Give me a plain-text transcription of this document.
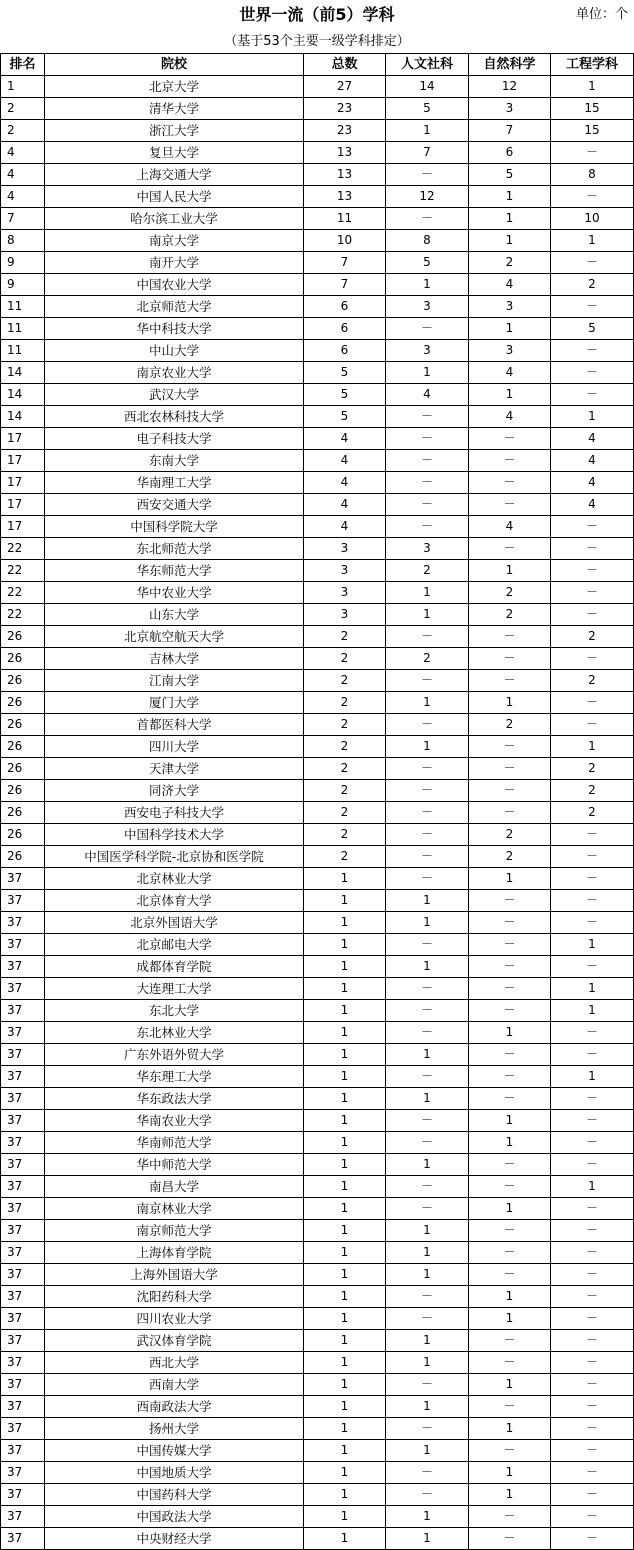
世界一流（前5）学科	单位：个
（基于53个主要一级学科排定）
排名	院校	总数	人文社科	自然科学	工程学科
1	北京大学	27	14	12	1
2	清华大学	23	5	3	15
2	浙江大学	23	1	7	15
4	复旦大学	13	7	6	－
4	上海交通大学	13	－	5	8
4	中国人民大学	13	12	1	－
7	哈尔滨工业大学	11	－	1	10
8	南京大学	10	8	1	1
9	南开大学	7	5	2	－
9	中国农业大学	7	1	4	2
11	北京师范大学	6	3	3	－
11	华中科技大学	6	－	1	5
11	中山大学	6	3	3	－
14	南京农业大学	5	1	4	－
14	武汉大学	5	4	1	－
14	西北农林科技大学	5	－	4	1
17	电子科技大学	4	－	－	4
17	东南大学	4	－	－	4
17	华南理工大学	4	－	－	4
17	西安交通大学	4	－	－	4
17	中国科学院大学	4	－	4	－
22	东北师范大学	3	3	－	－
22	华东师范大学	3	2	1	－
22	华中农业大学	3	1	2	－
22	山东大学	3	1	2	－
26	北京航空航天大学	2	－	－	2
26	吉林大学	2	2	－	－
26	江南大学	2	－	－	2
26	厦门大学	2	1	1	－
26	首都医科大学	2	－	2	－
26	四川大学	2	1	－	1
26	天津大学	2	－	－	2
26	同济大学	2	－	－	2
26	西安电子科技大学	2	－	－	2
26	中国科学技术大学	2	－	2	－
26	中国医学科学院-北京协和医学院	2	－	2	－
37	北京林业大学	1	－	1	－
37	北京体育大学	1	1	－	－
37	北京外国语大学	1	1	－	－
37	北京邮电大学	1	－	－	1
37	成都体育学院	1	1	－	－
37	大连理工大学	1	－	－	1
37	东北大学	1	－	－	1
37	东北林业大学	1	－	1	－
37	广东外语外贸大学	1	1	－	－
37	华东理工大学	1	－	－	1
37	华东政法大学	1	1	－	－
37	华南农业大学	1	－	1	－
37	华南师范大学	1	－	1	－
37	华中师范大学	1	1	－	－
37	南昌大学	1	－	－	1
37	南京林业大学	1	－	1	－
37	南京师范大学	1	1	－	－
37	上海体育学院	1	1	－	－
37	上海外国语大学	1	1	－	－
37	沈阳药科大学	1	－	1	－
37	四川农业大学	1	－	1	－
37	武汉体育学院	1	1	－	－
37	西北大学	1	1	－	－
37	西南大学	1	－	1	－
37	西南政法大学	1	1	－	－
37	扬州大学	1	－	1	－
37	中国传媒大学	1	1	－	－
37	中国地质大学	1	－	1	－
37	中国药科大学	1	－	1	－
37	中国政法大学	1	1	－	－
37	中央财经大学	1	1	－	－
